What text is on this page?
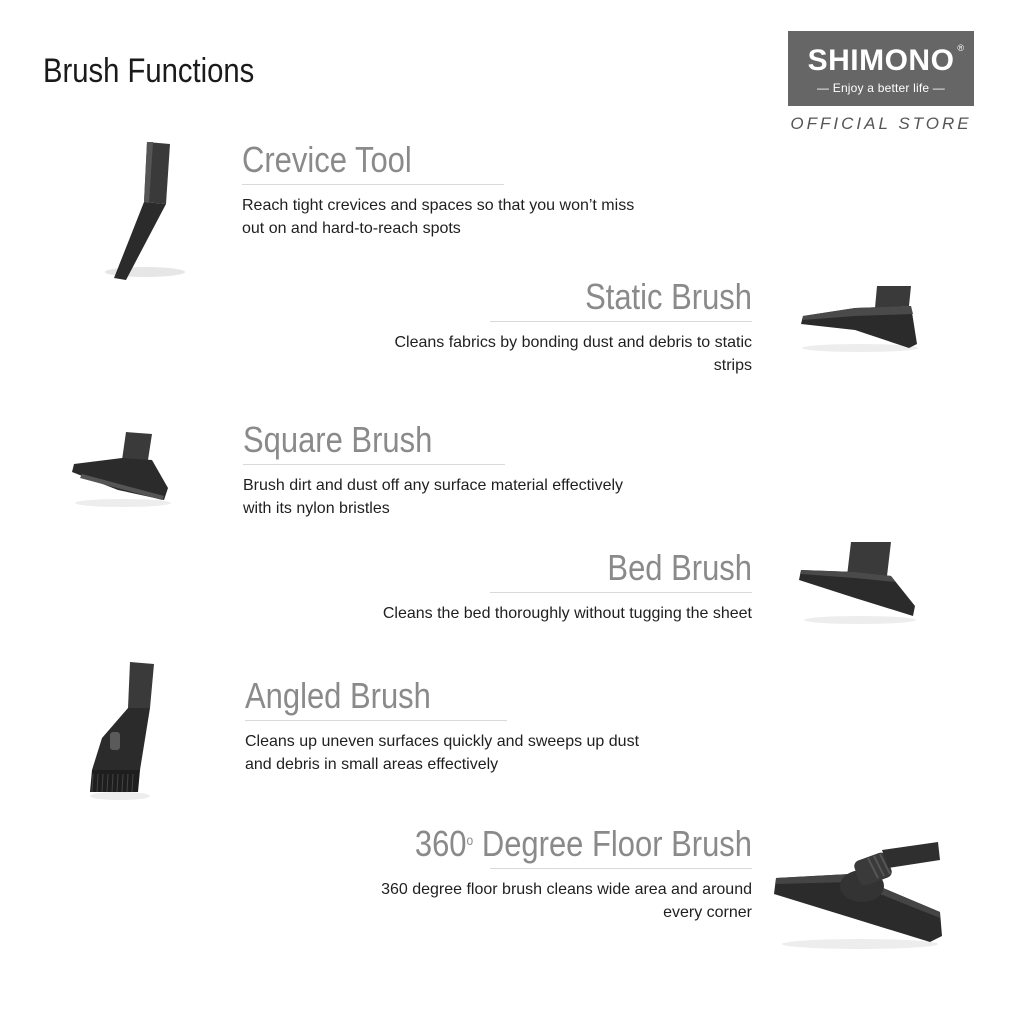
Brush Functions	SHIMONO ®
— Enjoy a better life —
OFFICIAL STORE
Crevice Tool
Reach tight crevices and spaces so that you won’t miss out on and hard-to-reach spots
Static Brush
Cleans fabrics by bonding dust and debris to static strips
Square Brush
Brush dirt and dust off any surface material effectively with its nylon bristles
Bed Brush
Cleans the bed thoroughly without tugging the sheet
Angled Brush
Cleans up uneven surfaces quickly and sweeps up dust and debris in small areas effectively
360$^o$ Degree Floor Brush
360 degree floor brush cleans wide area and around every corner
